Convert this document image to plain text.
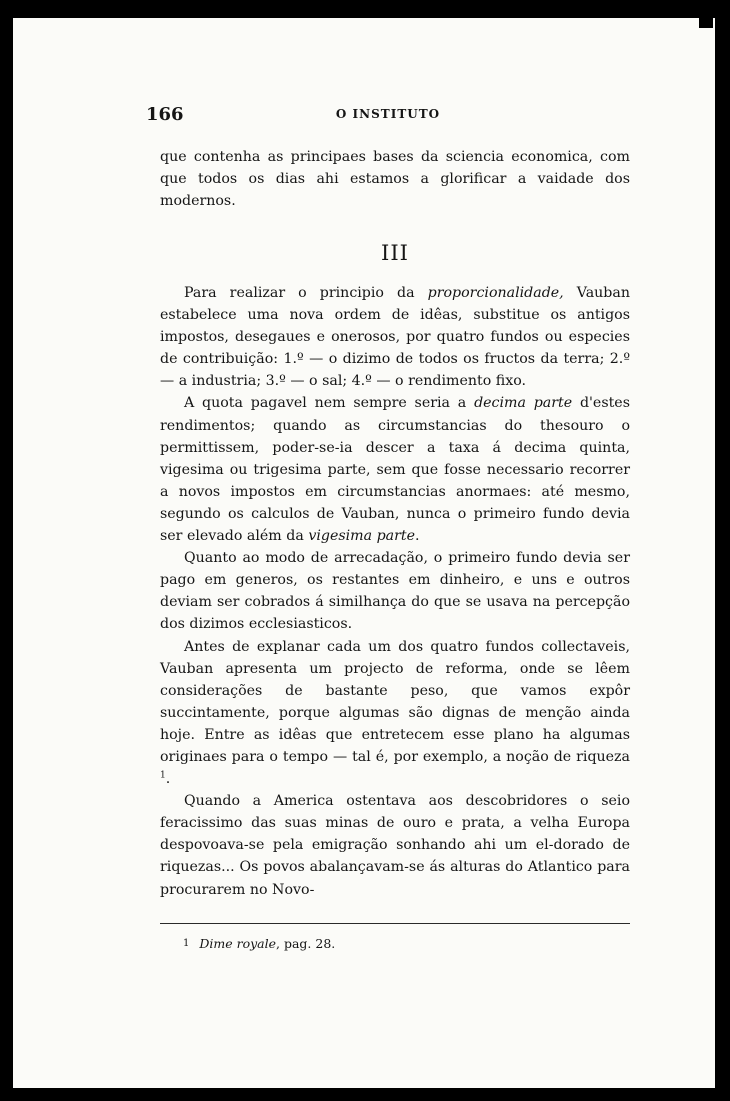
166	O INSTITUTO

que contenha as principaes bases da sciencia economica, com que todos os dias ahi estamos a glorificar a vaidade dos modernos.

III

Para realizar o principio da proporcionalidade, Vauban estabelece uma nova ordem de idêas, substitue os antigos impostos, desegaues e onerosos, por quatro fundos ou especies de contribuição: 1.º — o dizimo de todos os fructos da terra; 2.º — a industria; 3.º — o sal; 4.º — o rendimento fixo.

A quota pagavel nem sempre seria a decima parte d'estes rendimentos; quando as circumstancias do thesouro o permittissem, poder-se-ia descer a taxa á decima quinta, vigesima ou trigesima parte, sem que fosse necessario recorrer a novos impostos em circumstancias anormaes: até mesmo, segundo os calculos de Vauban, nunca o primeiro fundo devia ser elevado além da vigesima parte.

Quanto ao modo de arrecadação, o primeiro fundo devia ser pago em generos, os restantes em dinheiro, e uns e outros deviam ser cobrados á similhança do que se usava na percepção dos dizimos ecclesiasticos.

Antes de explanar cada um dos quatro fundos collectaveis, Vauban apresenta um projecto de reforma, onde se lêem considerações de bastante peso, que vamos expôr succintamente, porque algumas são dignas de menção ainda hoje. Entre as idêas que entretecem esse plano ha algumas originaes para o tempo — tal é, por exemplo, a noção de riqueza $^1$.

Quando a America ostentava aos descobridores o seio feracissimo das suas minas de ouro e prata, a velha Europa despovoava-se pela emigração sonhando ahi um el-dorado de riquezas... Os povos abalançavam-se ás alturas do Atlantico para procurarem no Novo-

1 Dime royale, pag. 28.
